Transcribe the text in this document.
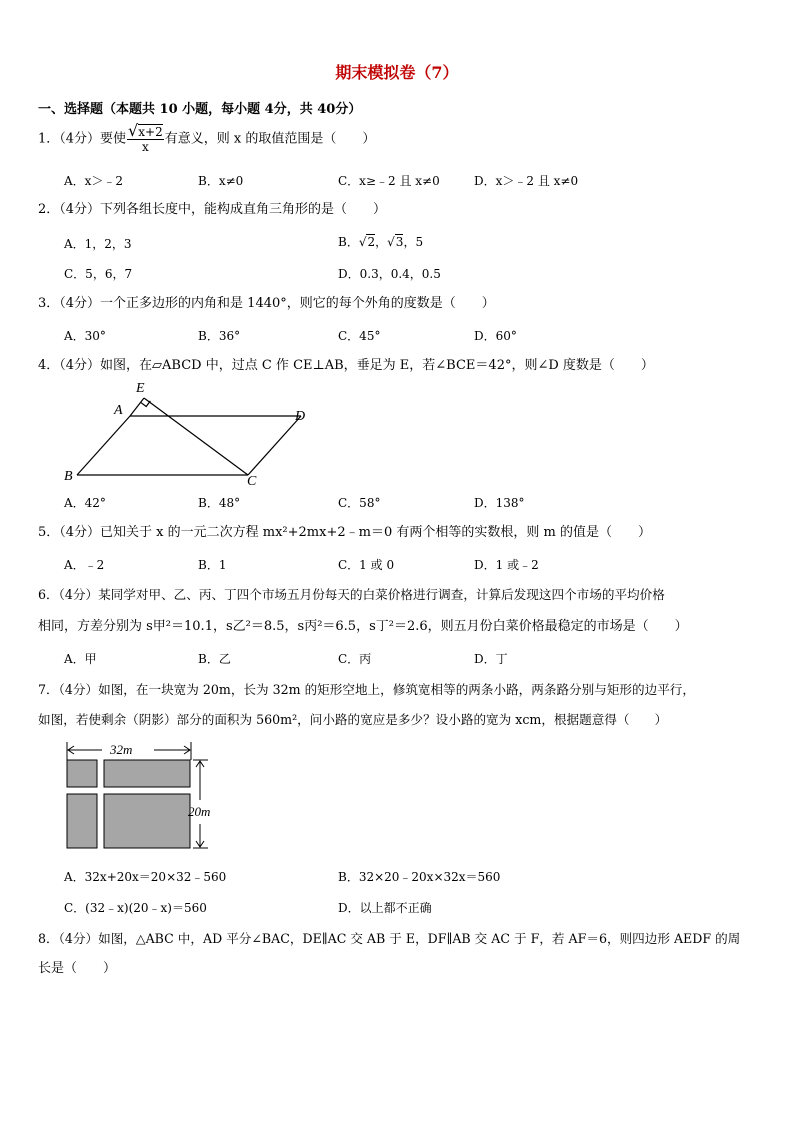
期末模拟卷（7）
一、选择题（本题共 10 小题，每小题 4分，共 40分）
1．（4分）要使 $\frac{√x+2}{x}$ 有意义，则 x 的取值范围是（　　）
A．x＞﹣2	B．x≠0	C．x≥﹣2 且 x≠0	D．x＞﹣2 且 x≠0
2．（4分）下列各组长度中，能构成直角三角形的是（　　）
A．1，2，3	B．√2，√3，5
C．5，6，7	D．0.3，0.4，0.5
3．（4分）一个正多边形的内角和是 1440°，则它的每个外角的度数是（　　）
A．30°	B．36°	C．45°	D．60°
4．（4分）如图，在▱ABCD 中，过点 C 作 CE⊥AB，垂足为 E，若∠BCE＝42°，则∠D 度数是（　　）
E
A	D
B	C
A．42°	B．48°	C．58°	D．138°
5．（4分）已知关于 x 的一元二次方程 mx²+2mx+2﹣m＝0 有两个相等的实数根，则 m 的值是（　　）
A．﹣2	B．1	C．1 或 0	D．1 或﹣2
6．（4分）某同学对甲、乙、丙、丁四个市场五月份每天的白菜价格进行调查，计算后发现这四个市场的平均价格
相同，方差分别为 s甲²＝10.1，s乙²＝8.5，s丙²＝6.5，s丁²＝2.6，则五月份白菜价格最稳定的市场是（　　）
A．甲	B．乙	C．丙	D．丁
7．（4分）如图，在一块宽为 20m，长为 32m 的矩形空地上，修筑宽相等的两条小路，两条路分别与矩形的边平行，
如图，若使剩余（阴影）部分的面积为 560m²，问小路的宽应是多少？设小路的宽为 xcm，根据题意得（　　）
32m
20m
A．32x+20x＝20×32﹣560	B．32×20﹣20x×32x＝560
C．(32﹣x)(20﹣x)＝560	D．以上都不正确
8．（4分）如图，△ABC 中，AD 平分∠BAC，DE∥AC 交 AB 于 E，DF∥AB 交 AC 于 F，若 AF＝6，则四边形 AEDF 的周
长是（　　）
